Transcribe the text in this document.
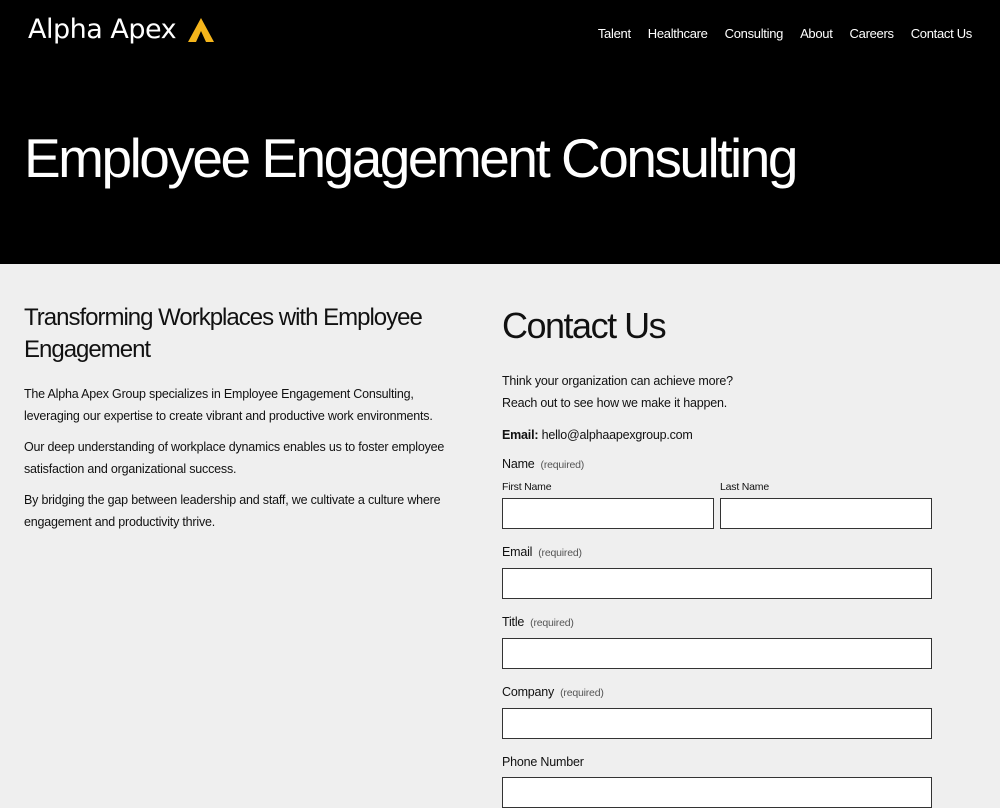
Alpha Apex	Talent Healthcare Consulting About Careers Contact Us
Employee Engagement Consulting
Transforming Workplaces with Employee Engagement

The Alpha Apex Group specializes in Employee Engagement Consulting, leveraging our expertise to create vibrant and productive work environments.

Our deep understanding of workplace dynamics enables us to foster employee satisfaction and organizational success.

By bridging the gap between leadership and staff, we cultivate a culture where engagement and productivity thrive.

Contact Us

Think your organization can achieve more?

Reach out to see how we make it happen.

Email: hello@alphaapexgroup.com

Name (required)
First Name	Last Name
Email (required)
Title (required)
Company (required)
Phone Number
